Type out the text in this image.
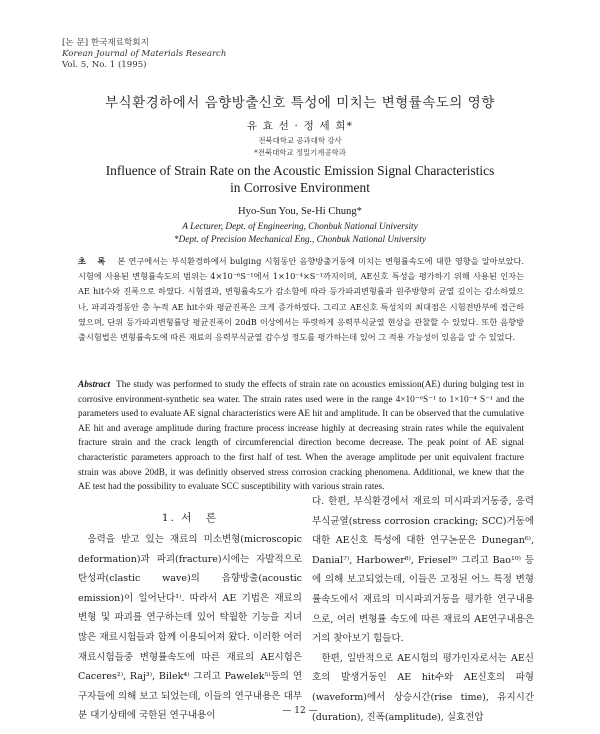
[논 문] 한국재료학회지
Korean Journal of Materials Research
Vol. 5, No. 1 (1995)
부식환경하에서 음향방출신호 특성에 미치는 변형률속도의 영향
유 효 선 · 정 세 희*
전북대학교 공과대학 강사
*전북대학교 정밀기계공학과
Influence of Strain Rate on the Acoustic Emission Signal Characteristics
in Corrosive Environment
Hyo-Sun You, Se-Hi Chung*
A Lecturer, Dept. of Engineering, Chonbuk National University
*Dept. of Precision Mechanical Eng., Chonbuk National University
초 록 본 연구에서는 부식환경하에서 bulging 시험동안 음향방출거동에 미치는 변형률속도에 대한 영향을 알아보았다. 시험에 사용된 변형률속도의 범위는 4×10⁻⁶S⁻¹에서 1×10⁻⁴×S⁻¹까지이며, AE신호 특성을 평가하기 위해 사용된 인자는 AE hit수와 진폭으로 하였다. 시험결과, 변형률속도가 감소함에 따라 등가파괴변형률과 원주방향의 균열 깊이는 감소하였으나, 파괴과정동안 총 누적 AE hit수와 평균진폭은 크게 증가하였다. 그리고 AE신호 특성치의 최대점은 시험전반부에 접근하였으며, 단위 등가파괴변형률당 평균진폭이 20dB 이상에서는 뚜렷하게 응력부식균열 현상을 관찰할 수 있었다. 또한 음향방출시험법은 변형률속도에 따른 재료의 응력부식균열 감수성 정도를 평가하는데 있어 그 적용 가능성이 있음을 알 수 있었다.
Abstract The study was performed to study the effects of strain rate on acoustics emission(AE) during bulging test in corrosive environment-synthetic sea water. The strain rates used were in the range 4×10⁻⁶S⁻¹ to 1×10⁻⁴ S⁻¹ and the parameters used to evaluate AE signal characteristics were AE hit and amplitude. It can be observed that the cumulative AE hit and average amplitude during fracture process increase highly at decreasing strain rates while the equivalent fracture strain and the crack length of circumferencial direction become decrease. The peak point of AE signal characteristic parameters approach to the first half of test. When the average amplitude per unit equivalent fracture strain was above 20dB, it was definitly observed stress corrosion cracking phenomena. Additional, we knew that the AE test had the possibility to evaluate SCC susceptibility with various strain rates.
1. 서　론

응력을 받고 있는 재료의 미소변형(microscopic deformation)과 파괴(fracture)시에는 자발적으로 탄성파(clastic wave)의 음향방출(acoustic emission)이 일어난다¹⁾. 따라서 AE 기법은 재료의 변형 및 파괴를 연구하는데 있어 탁월한 기능을 지녀 많은 재료시험들과 함께 이용되어져 왔다. 이러한 여러 재료시험들중 변형률속도에 따른 재료의 AE시험은 Caceres²⁾, Raj³⁾, Bilek⁴⁾ 그리고 Pawelek⁵⁾등의 연구자들에 의해 보고 되었는데, 이들의 연구내용은 대부분 대기상태에 국한된 연구내용이

다. 한편, 부식환경에서 재료의 미시파괴거동중, 응력부식균열(stress corrosion cracking; SCC)거동에 대한 AE신호 특성에 대한 연구논문은 Dunegan⁶⁾, Danial⁷⁾, Harbower⁸⁾, Friesel⁹⁾ 그리고 Bao¹⁰⁾ 등에 의해 보고되었는데, 이들은 고정된 어느 특정 변형률속도에서 재료의 미시파괴거동을 평가한 연구내용으로, 여러 변형률 속도에 따른 재료의 AE연구내용은 거의 찾아보기 힘들다.

한편, 일반적으로 AE시험의 평가인자로서는 AE신호의 발생거동인 AE hit수와 AE신호의 파형(waveform)에서 상승시간(rise time), 유지시간(duration), 진폭(amplitude), 실효전압

— 12 —
